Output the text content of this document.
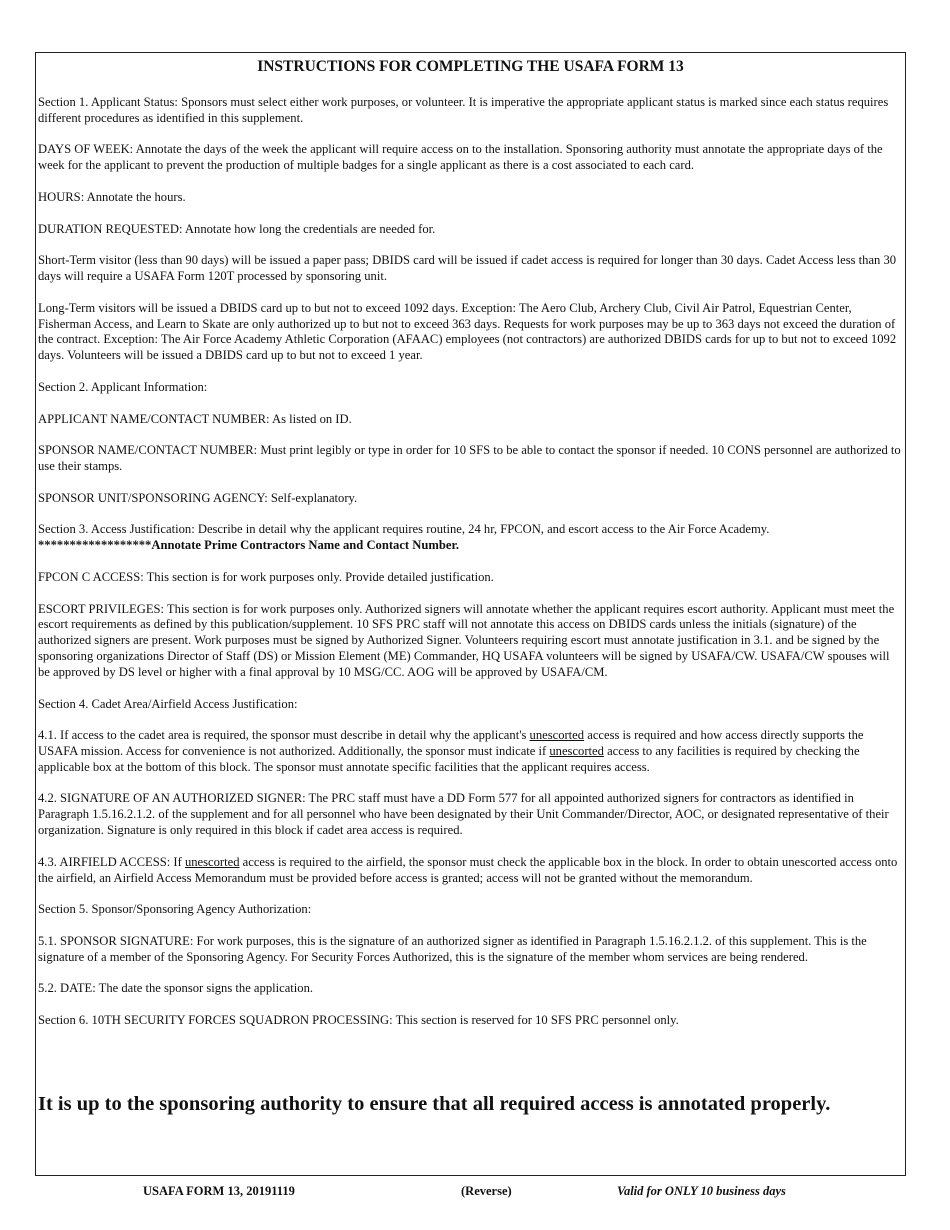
INSTRUCTIONS FOR COMPLETING THE USAFA FORM 13

Section 1. Applicant Status: Sponsors must select either work purposes, or volunteer. It is imperative the appropriate applicant status is marked since each status requires different procedures as identified in this supplement.

DAYS OF WEEK: Annotate the days of the week the applicant will require access on to the installation. Sponsoring authority must annotate the appropriate days of the week for the applicant to prevent the production of multiple badges for a single applicant as there is a cost associated to each card.

HOURS: Annotate the hours.

DURATION REQUESTED: Annotate how long the credentials are needed for.

Short-Term visitor (less than 90 days) will be issued a paper pass; DBIDS card will be issued if cadet access is required for longer than 30 days. Cadet Access less than 30 days will require a USAFA Form 120T processed by sponsoring unit.

Long-Term visitors will be issued a DBIDS card up to but not to exceed 1092 days. Exception: The Aero Club, Archery Club, Civil Air Patrol, Equestrian Center, Fisherman Access, and Learn to Skate are only authorized up to but not to exceed 363 days. Requests for work purposes may be up to 363 days not exceed the duration of the contract. Exception: The Air Force Academy Athletic Corporation (AFAAC) employees (not contractors) are authorized DBIDS cards for up to but not to exceed 1092 days. Volunteers will be issued a DBIDS card up to but not to exceed 1 year.

Section 2. Applicant Information:

APPLICANT NAME/CONTACT NUMBER: As listed on ID.

SPONSOR NAME/CONTACT NUMBER: Must print legibly or type in order for 10 SFS to be able to contact the sponsor if needed. 10 CONS personnel are authorized to use their stamps.

SPONSOR UNIT/SPONSORING AGENCY: Self-explanatory.

Section 3. Access Justification: Describe in detail why the applicant requires routine, 24 hr, FPCON, and escort access to the Air Force Academy.
******************Annotate Prime Contractors Name and Contact Number.

FPCON C ACCESS: This section is for work purposes only. Provide detailed justification.

ESCORT PRIVILEGES: This section is for work purposes only. Authorized signers will annotate whether the applicant requires escort authority. Applicant must meet the escort requirements as defined by this publication/supplement. 10 SFS PRC staff will not annotate this access on DBIDS cards unless the initials (signature) of the authorized signers are present. Work purposes must be signed by Authorized Signer. Volunteers requiring escort must annotate justification in 3.1. and be signed by the sponsoring organizations Director of Staff (DS) or Mission Element (ME) Commander, HQ USAFA volunteers will be signed by USAFA/CW. USAFA/CW spouses will be approved by DS level or higher with a final approval by 10 MSG/CC. AOG will be approved by USAFA/CM.

Section 4. Cadet Area/Airfield Access Justification:

4.1. If access to the cadet area is required, the sponsor must describe in detail why the applicant's unescorted access is required and how access directly supports the USAFA mission. Access for convenience is not authorized. Additionally, the sponsor must indicate if unescorted access to any facilities is required by checking the applicable box at the bottom of this block. The sponsor must annotate specific facilities that the applicant requires access.

4.2. SIGNATURE OF AN AUTHORIZED SIGNER: The PRC staff must have a DD Form 577 for all appointed authorized signers for contractors as identified in Paragraph 1.5.16.2.1.2. of the supplement and for all personnel who have been designated by their Unit Commander/Director, AOC, or designated representative of their organization. Signature is only required in this block if cadet area access is required.

4.3. AIRFIELD ACCESS: If unescorted access is required to the airfield, the sponsor must check the applicable box in the block. In order to obtain unescorted access onto the airfield, an Airfield Access Memorandum must be provided before access is granted; access will not be granted without the memorandum.

Section 5. Sponsor/Sponsoring Agency Authorization:

5.1. SPONSOR SIGNATURE: For work purposes, this is the signature of an authorized signer as identified in Paragraph 1.5.16.2.1.2. of this supplement. This is the signature of a member of the Sponsoring Agency. For Security Forces Authorized, this is the signature of the member whom services are being rendered.

5.2. DATE: The date the sponsor signs the application.

Section 6. 10TH SECURITY FORCES SQUADRON PROCESSING: This section is reserved for 10 SFS PRC personnel only.

It is up to the sponsoring authority to ensure that all required access is annotated properly.
USAFA FORM 13, 20191119	(Reverse)	Valid for ONLY 10 business days
